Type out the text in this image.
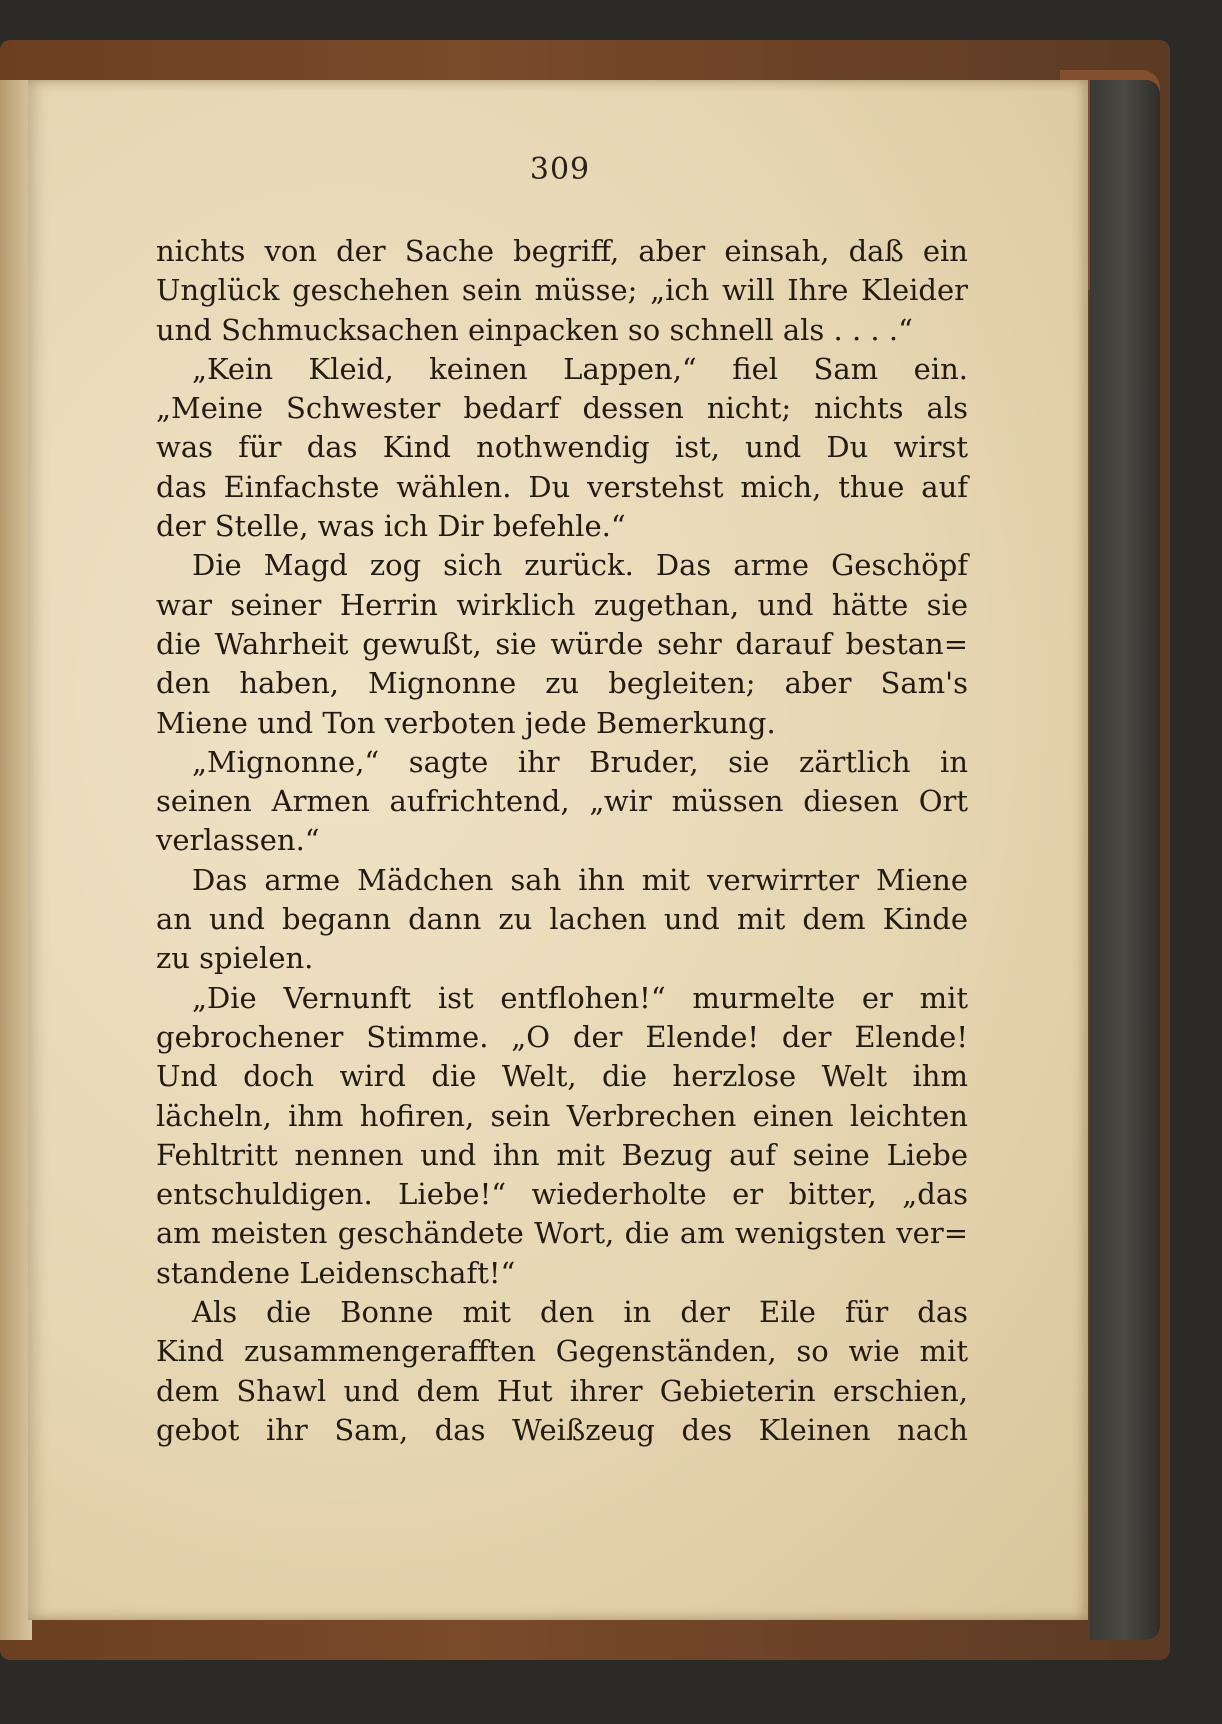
309
nichts von der Sache begriff, aber einsah, daß ein
Unglück geschehen sein müsse; „ich will Ihre Kleider
und Schmucksachen einpacken so schnell als . . . .“
„Kein Kleid, keinen Lappen,“ fiel Sam ein.
„Meine Schwester bedarf dessen nicht; nichts als
was für das Kind nothwendig ist, und Du wirst
das Einfachste wählen. Du verstehst mich, thue auf
der Stelle, was ich Dir befehle.“
Die Magd zog sich zurück. Das arme Geschöpf
war seiner Herrin wirklich zugethan, und hätte sie
die Wahrheit gewußt, sie würde sehr darauf bestan=
den haben, Mignonne zu begleiten; aber Sam's
Miene und Ton verboten jede Bemerkung.
„Mignonne,“ sagte ihr Bruder, sie zärtlich in
seinen Armen aufrichtend, „wir müssen diesen Ort
verlassen.“
Das arme Mädchen sah ihn mit verwirrter Miene
an und begann dann zu lachen und mit dem Kinde
zu spielen.
„Die Vernunft ist entflohen!“ murmelte er mit
gebrochener Stimme. „O der Elende! der Elende!
Und doch wird die Welt, die herzlose Welt ihm
lächeln, ihm hofiren, sein Verbrechen einen leichten
Fehltritt nennen und ihn mit Bezug auf seine Liebe
entschuldigen. Liebe!“ wiederholte er bitter, „das
am meisten geschändete Wort, die am wenigsten ver=
standene Leidenschaft!“
Als die Bonne mit den in der Eile für das
Kind zusammengerafften Gegenständen, so wie mit
dem Shawl und dem Hut ihrer Gebieterin erschien,
gebot ihr Sam, das Weißzeug des Kleinen nach
